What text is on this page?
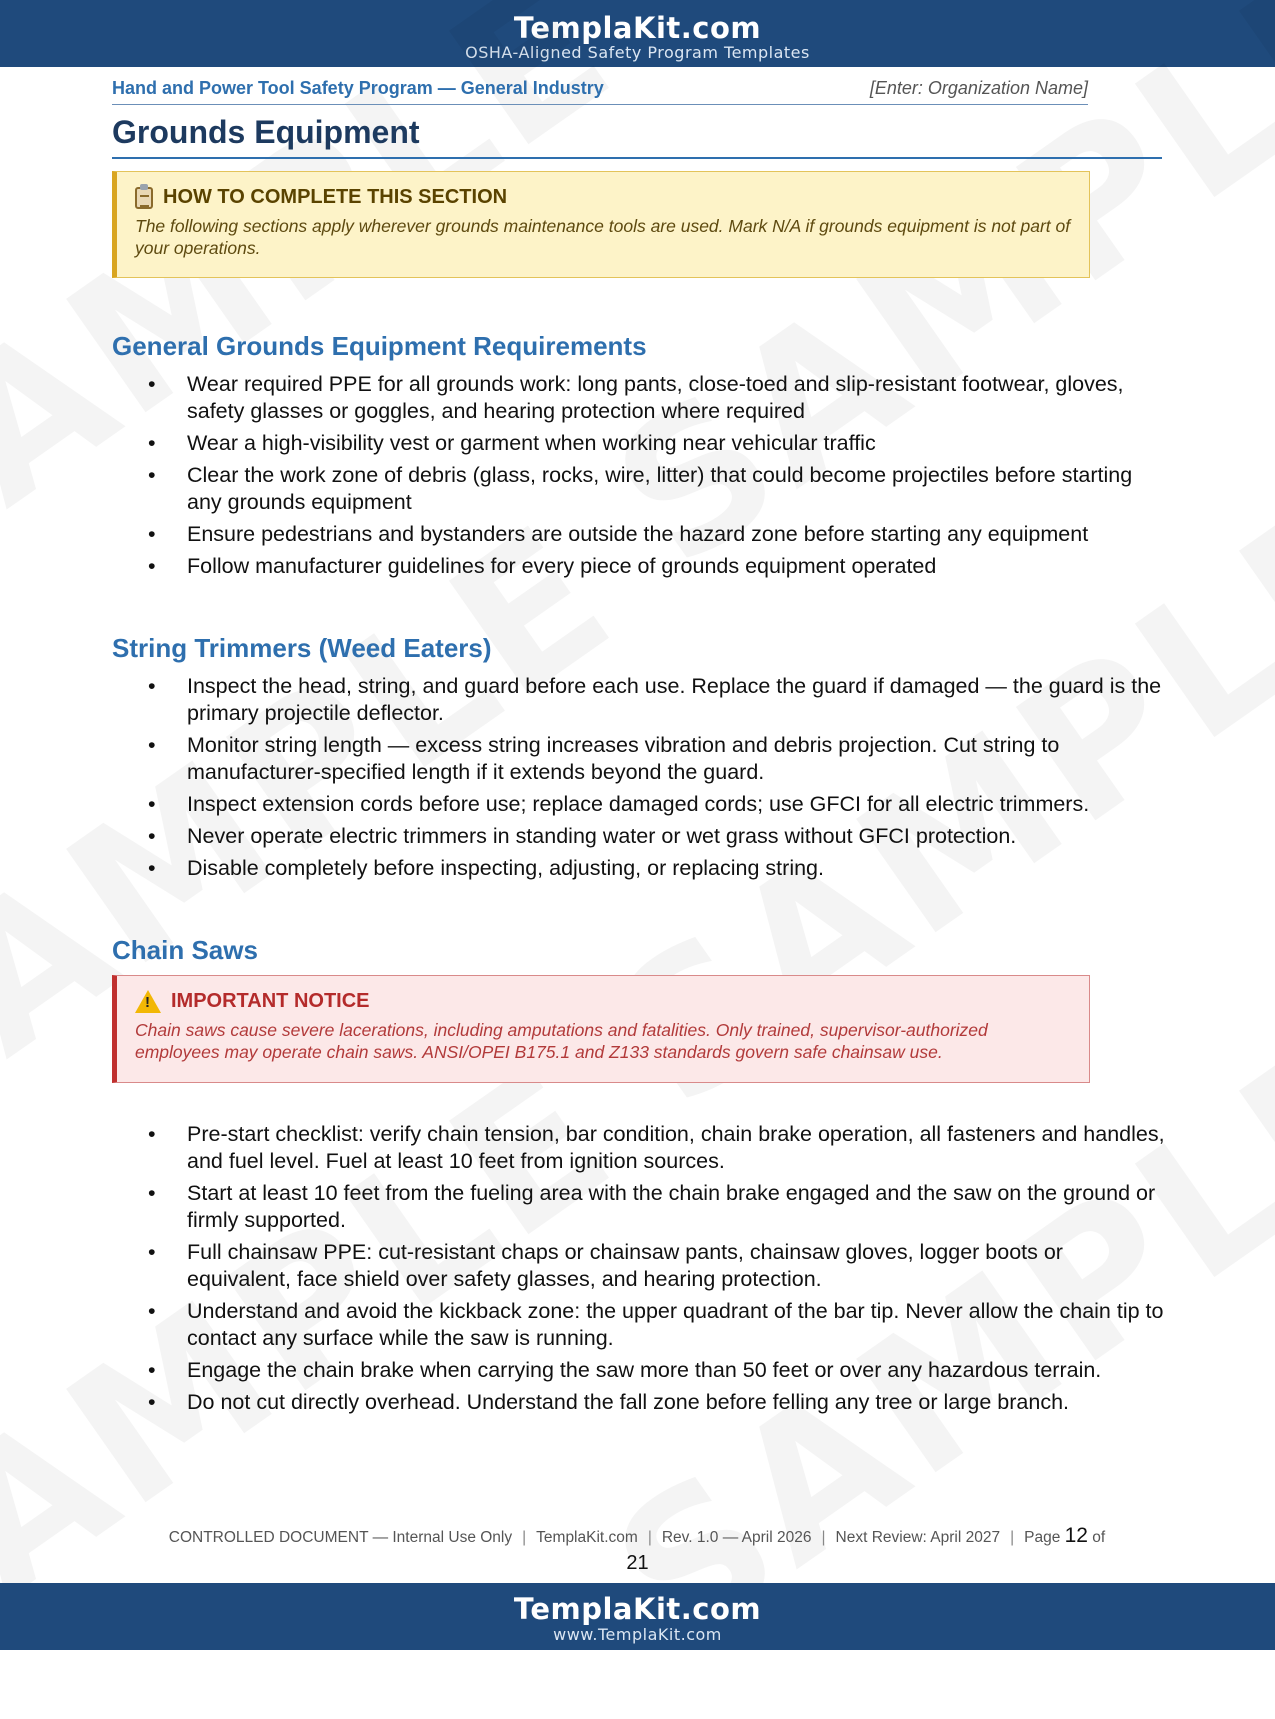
TemplaKit.com
OSHA-Aligned Safety Program Templates
Hand and Power Tool Safety Program — General Industry	[Enter: Organization Name]
Grounds Equipment
HOW TO COMPLETE THIS SECTION
The following sections apply wherever grounds maintenance tools are used. Mark N/A if grounds equipment is not part of your operations.
General Grounds Equipment Requirements
• Wear required PPE for all grounds work: long pants, close-toed and slip-resistant footwear, gloves, safety glasses or goggles, and hearing protection where required
• Wear a high-visibility vest or garment when working near vehicular traffic
• Clear the work zone of debris (glass, rocks, wire, litter) that could become projectiles before starting any grounds equipment
• Ensure pedestrians and bystanders are outside the hazard zone before starting any equipment
• Follow manufacturer guidelines for every piece of grounds equipment operated
String Trimmers (Weed Eaters)
• Inspect the head, string, and guard before each use. Replace the guard if damaged — the guard is the primary projectile deflector.
• Monitor string length — excess string increases vibration and debris projection. Cut string to manufacturer-specified length if it extends beyond the guard.
• Inspect extension cords before use; replace damaged cords; use GFCI for all electric trimmers.
• Never operate electric trimmers in standing water or wet grass without GFCI protection.
• Disable completely before inspecting, adjusting, or replacing string.
Chain Saws
!
IMPORTANT NOTICE
Chain saws cause severe lacerations, including amputations and fatalities. Only trained, supervisor-authorized employees may operate chain saws. ANSI/OPEI B175.1 and Z133 standards govern safe chainsaw use.
• Pre-start checklist: verify chain tension, bar condition, chain brake operation, all fasteners and handles, and fuel level. Fuel at least 10 feet from ignition sources.
• Start at least 10 feet from the fueling area with the chain brake engaged and the saw on the ground or firmly supported.
• Full chainsaw PPE: cut-resistant chaps or chainsaw pants, chainsaw gloves, logger boots or equivalent, face shield over safety glasses, and hearing protection.
• Understand and avoid the kickback zone: the upper quadrant of the bar tip. Never allow the chain tip to contact any surface while the saw is running.
• Engage the chain brake when carrying the saw more than 50 feet or over any hazardous terrain.
• Do not cut directly overhead. Understand the fall zone before felling any tree or large branch.
CONTROLLED DOCUMENT — Internal Use Only | TemplaKit.com | Rev. 1.0 — April 2026 | Next Review: April 2027 | Page 12 of
21
TemplaKit.com
www.TemplaKit.com
